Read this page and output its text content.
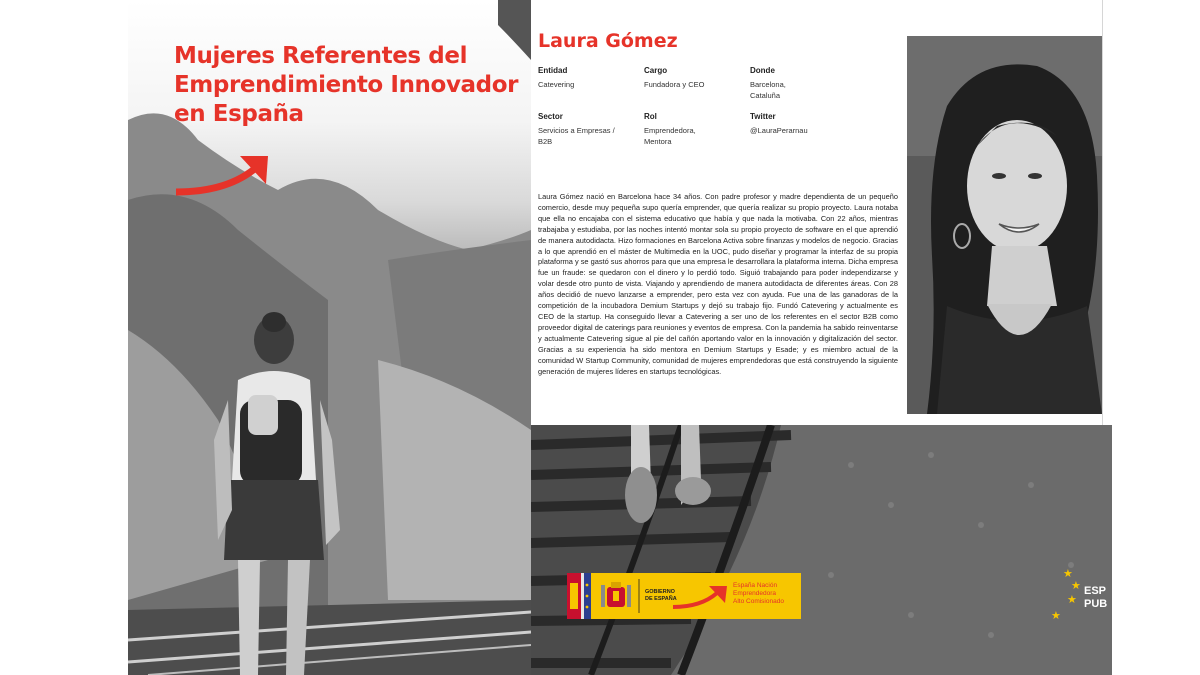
Mujeres Referentes del
Emprendimiento Innovador
en España
Laura Gómez
Entidad
Catevering
Cargo
Fundadora y CEO
Donde
Barcelona, Cataluña
Sector
Servicios a Empresas / B2B
Rol
Emprendedora, Mentora
Twitter
@LauraPerarnau

Laura Gómez nació en Barcelona hace 34 años. Con padre profesor y madre dependienta de un pequeño comercio, desde muy pequeña supo quería emprender, que quería realizar su propio proyecto. Laura notaba que ella no encajaba con el sistema educativo que había y que nada la motivaba. Con 22 años, mientras trabajaba y estudiaba, por las noches intentó montar sola su propio proyecto de software en el que aprendió de manera autodidacta. Hizo formaciones en Barcelona Activa sobre finanzas y modelos de negocio. Gracias a lo que aprendió en el máster de Multimedia en la UOC, pudo diseñar y programar la interfaz de su propia plataforma y se gastó sus ahorros para que una empresa le desarrollara la plataforma interna. Dicha empresa fue un fraude: se quedaron con el dinero y lo perdió todo. Siguió trabajando para poder independizarse y volar desde otro punto de vista. Viajando y aprendiendo de manera autodidacta de diferentes áreas. Con 28 años decidió de nuevo lanzarse a emprender, pero esta vez con ayuda. Fue una de las ganadoras de la competición de la incubadora Demium Startups y dejó su trabajo fijo. Fundó Catevering y actualmente es CEO de la startup. Ha conseguido llevar a Catevering a ser uno de los referentes en el sector B2B como proveedor digital de caterings para reuniones y eventos de empresa. Con la pandemia ha sabido reinventarse y actualmente Catevering sigue al pie del cañón aportando valor en la innovación y digitalización del sector. Gracias a su experiencia ha sido mentora en Demium Startups y Esade; y es miembro actual de la comunidad W Startup Community, comunidad de mujeres emprendedoras que está construyendo la siguiente generación de mujeres líderes en startups tecnológicas.

★
★
★
★
ESP
PUB
GOBIERNO
DE ESPAÑA
España Nación
Emprendedora
Alto Comisionado
